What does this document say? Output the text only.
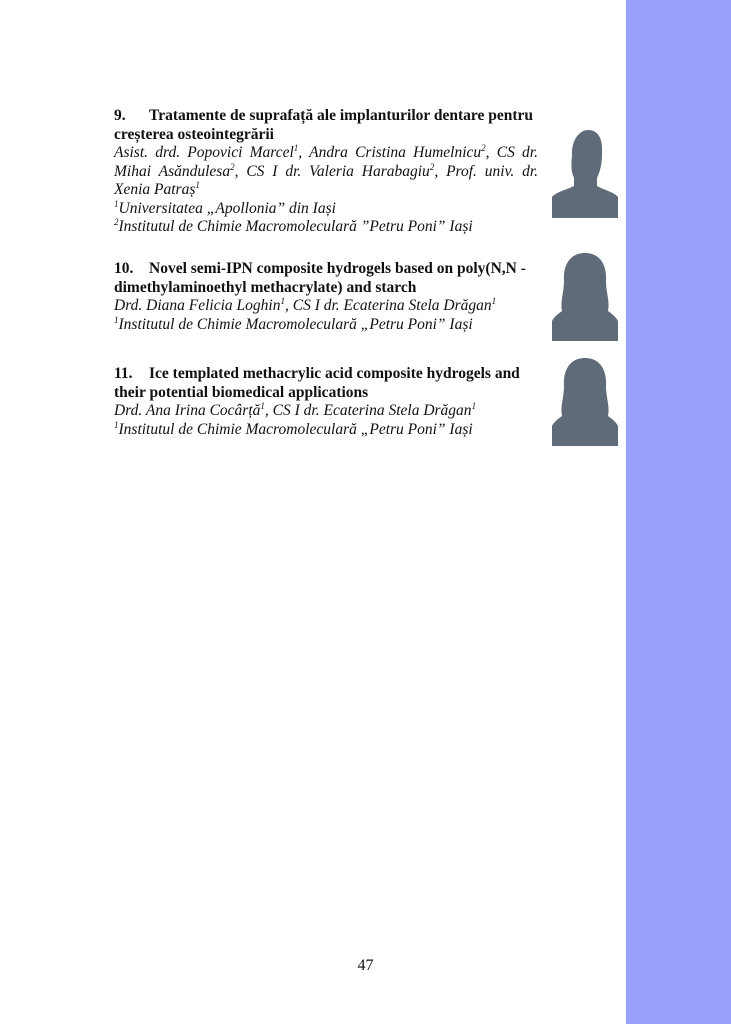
9. Tratamente de suprafață ale implanturilor dentare pentru creșterea osteointegrării
Asist. drd. Popovici Marcel$^1$, Andra Cristina Humelnicu$^2$, CS dr. Mihai Asăndulesa$^2$, CS I dr. Valeria Harabagiu$^2$, Prof. univ. dr. Xenia Patraș$^1$
$^1$Universitatea „Apollonia” din Iași
$^2$Institutul de Chimie Macromoleculară ”Petru Poni” Iași
10. Novel semi-IPN composite hydrogels based on poly(N,N - dimethylaminoethyl methacrylate) and starch
Drd. Diana Felicia Loghin$^1$, CS I dr. Ecaterina Stela Drăgan$^1$
$^1$Institutul de Chimie Macromoleculară „Petru Poni” Iași
11. Ice templated methacrylic acid composite hydrogels and their potential biomedical applications
Drd. Ana Irina Cocârță$^1$, CS I dr. Ecaterina Stela Drăgan$^1$
$^1$Institutul de Chimie Macromoleculară „Petru Poni” Iași
47
